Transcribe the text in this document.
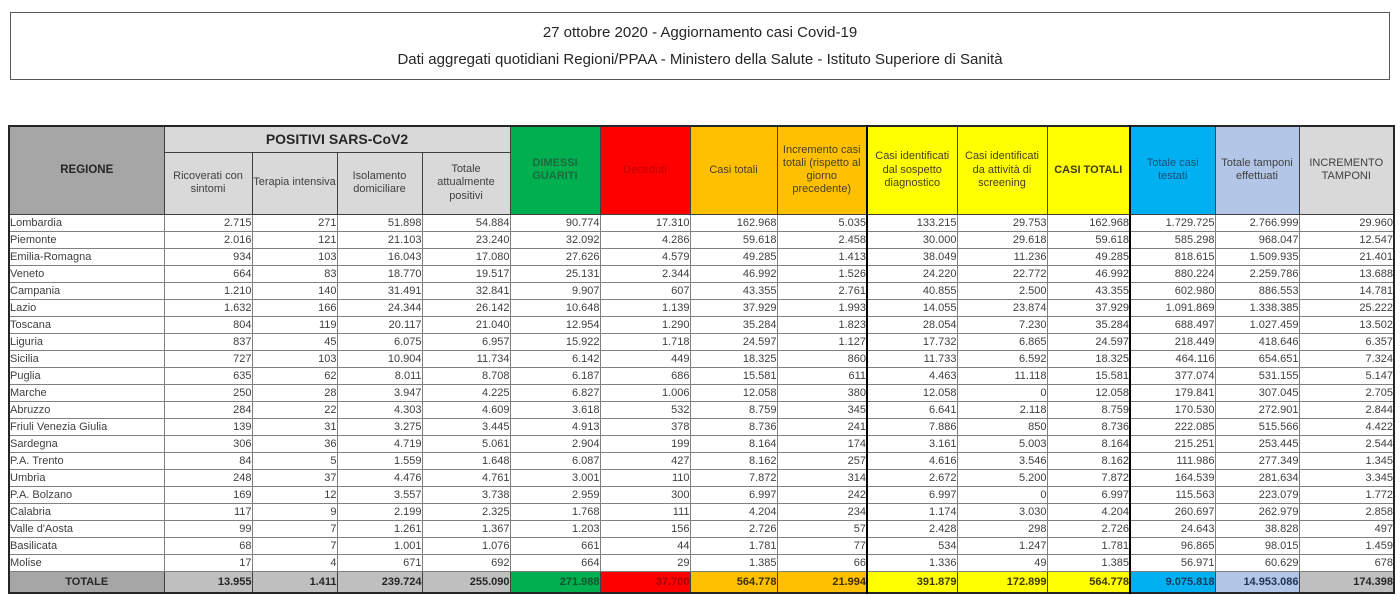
27 ottobre 2020 - Aggiornamento casi Covid-19
Dati aggregati quotidiani Regioni/PPAA - Ministero della Salute - Istituto Superiore di Sanità
REGIONE	POSITIVI SARS-CoV2				DIMESSI GUARITI	Deceduti	Casi totali	Incremento casi totali (rispetto al giorno precedente)	Casi identificati dal sospetto diagnostico	Casi identificati da attività di screening	CASI TOTALI	Totale casi testati	Totale tamponi effettuati	INCREMENTO TAMPONI
	Ricoverati con sintomi	Terapia intensiva	Isolamento domiciliare	Totale attualmente positivi										
Lombardia	2.715	271	51.898	54.884	90.774	17.310	162.968	5.035	133.215	29.753	162.968	1.729.725	2.766.999	29.960
Piemonte	2.016	121	21.103	23.240	32.092	4.286	59.618	2.458	30.000	29.618	59.618	585.298	968.047	12.547
Emilia-Romagna	934	103	16.043	17.080	27.626	4.579	49.285	1.413	38.049	11.236	49.285	818.615	1.509.935	21.401
Veneto	664	83	18.770	19.517	25.131	2.344	46.992	1.526	24.220	22.772	46.992	880.224	2.259.786	13.688
Campania	1.210	140	31.491	32.841	9.907	607	43.355	2.761	40.855	2.500	43.355	602.980	886.553	14.781
Lazio	1.632	166	24.344	26.142	10.648	1.139	37.929	1.993	14.055	23.874	37.929	1.091.869	1.338.385	25.222
Toscana	804	119	20.117	21.040	12.954	1.290	35.284	1.823	28.054	7.230	35.284	688.497	1.027.459	13.502
Liguria	837	45	6.075	6.957	15.922	1.718	24.597	1.127	17.732	6.865	24.597	218.449	418.646	6.357
Sicilia	727	103	10.904	11.734	6.142	449	18.325	860	11.733	6.592	18.325	464.116	654.651	7.324
Puglia	635	62	8.011	8.708	6.187	686	15.581	611	4.463	11.118	15.581	377.074	531.155	5.147
Marche	250	28	3.947	4.225	6.827	1.006	12.058	380	12.058	0	12.058	179.841	307.045	2.705
Abruzzo	284	22	4.303	4.609	3.618	532	8.759	345	6.641	2.118	8.759	170.530	272.901	2.844
Friuli Venezia Giulia	139	31	3.275	3.445	4.913	378	8.736	241	7.886	850	8.736	222.085	515.566	4.422
Sardegna	306	36	4.719	5.061	2.904	199	8.164	174	3.161	5.003	8.164	215.251	253.445	2.544
P.A. Trento	84	5	1.559	1.648	6.087	427	8.162	257	4.616	3.546	8.162	111.986	277.349	1.345
Umbria	248	37	4.476	4.761	3.001	110	7.872	314	2.672	5.200	7.872	164.539	281.634	3.345
P.A. Bolzano	169	12	3.557	3.738	2.959	300	6.997	242	6.997	0	6.997	115.563	223.079	1.772
Calabria	117	9	2.199	2.325	1.768	111	4.204	234	1.174	3.030	4.204	260.697	262.979	2.858
Valle d'Aosta	99	7	1.261	1.367	1.203	156	2.726	57	2.428	298	2.726	24.643	38.828	497
Basilicata	68	7	1.001	1.076	661	44	1.781	77	534	1.247	1.781	96.865	98.015	1.459
Molise	17	4	671	692	664	29	1.385	66	1.336	49	1.385	56.971	60.629	678
TOTALE	13.955	1.411	239.724	255.090	271.988	37.700	564.778	21.994	391.879	172.899	564.778	9.075.818	14.953.086	174.398
